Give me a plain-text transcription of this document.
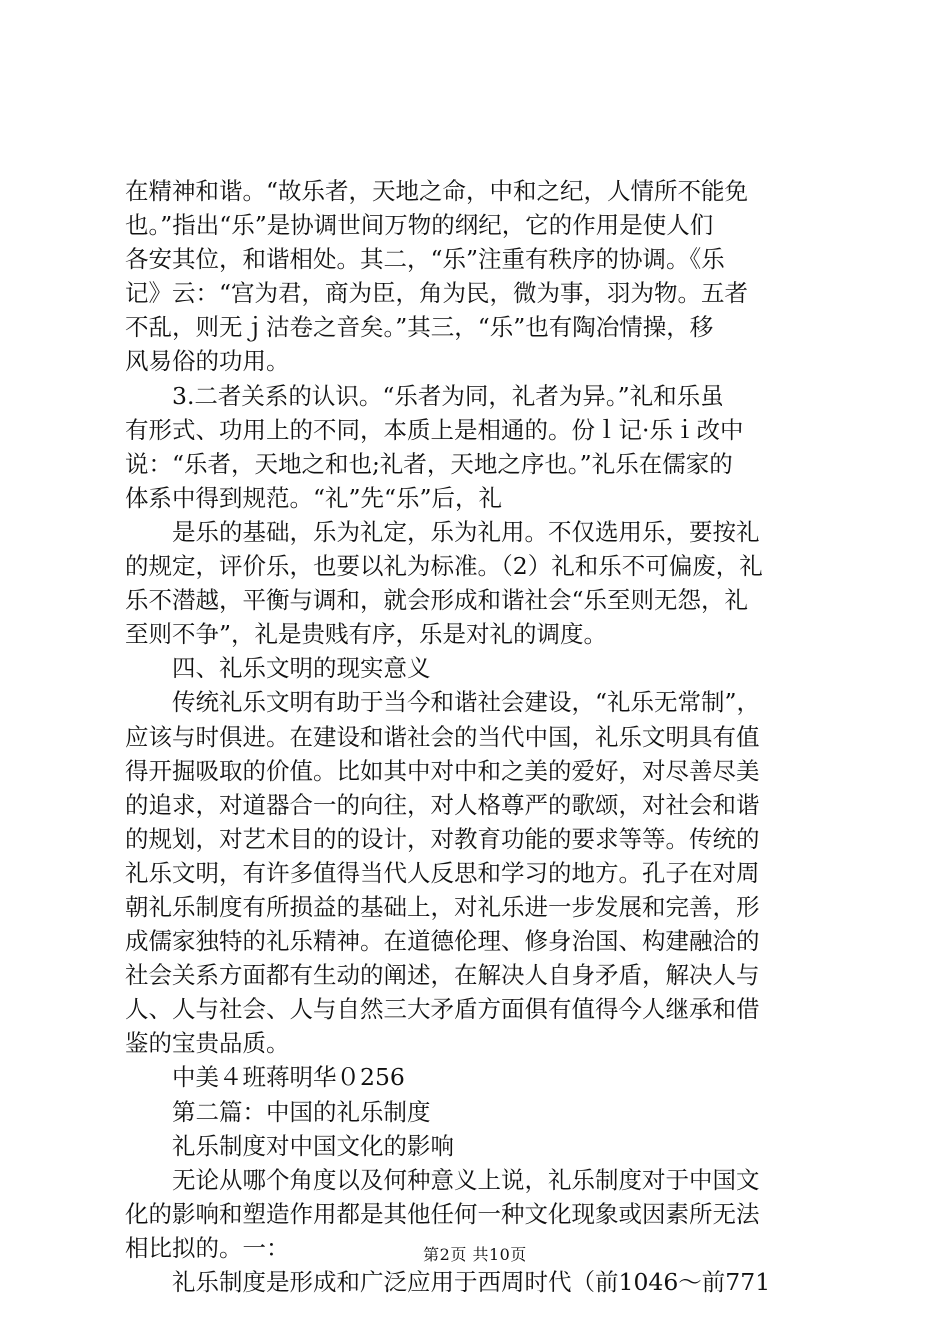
在精神和谐。“故乐者，天地之命，中和之纪，人情所不能免
也。”指出“乐”是协调世间万物的纲纪，它的作用是使人们
各安其位，和谐相处。其二，“乐”注重有秩序的协调。《乐
记》云：“宫为君，商为臣，角为民，微为事，羽为物。五者
不乱，则无ｊ沽卷之音矣。”其三，“乐”也有陶冶情操，移
风易俗的功用。
　　3.二者关系的认识。“乐者为同，礼者为异。”礼和乐虽
有形式、功用上的不同，本质上是相通的。份ｌ记·乐ｉ改中
说：“乐者，天地之和也;礼者，天地之序也。”礼乐在儒家的
体系中得到规范。“礼”先“乐”后，礼
　　是乐的基础，乐为礼定，乐为礼用。不仅选用乐，要按礼
的规定，评价乐，也要以礼为标准。（2）礼和乐不可偏废，礼
乐不潜越，平衡与调和，就会形成和谐社会“乐至则无怨，礼
至则不争”，礼是贵贱有序，乐是对礼的调度。
　　四、礼乐文明的现实意义
　　传统礼乐文明有助于当今和谐社会建设，“礼乐无常制”，
应该与时俱进。在建设和谐社会的当代中国，礼乐文明具有值
得开掘吸取的价值。比如其中对中和之美的爱好，对尽善尽美
的追求，对道器合一的向往，对人格尊严的歌颂，对社会和谐
的规划，对艺术目的的设计，对教育功能的要求等等。传统的
礼乐文明，有许多值得当代人反思和学习的地方。孔子在对周
朝礼乐制度有所损益的基础上，对礼乐进一步发展和完善，形
成儒家独特的礼乐精神。在道德伦理、修身治国、构建融洽的
社会关系方面都有生动的阐述，在解决人自身矛盾，解决人与
人、人与社会、人与自然三大矛盾方面俱有值得今人继承和借
鉴的宝贵品质。
　　中美４班蒋明华０256
　　第二篇：中国的礼乐制度
　　礼乐制度对中国文化的影响
　　无论从哪个角度以及何种意义上说，礼乐制度对于中国文
化的影响和塑造作用都是其他任何一种文化现象或因素所无法
相比拟的。一：
　　礼乐制度是形成和广泛应用于西周时代（前1046～前771
第2页 共10页
